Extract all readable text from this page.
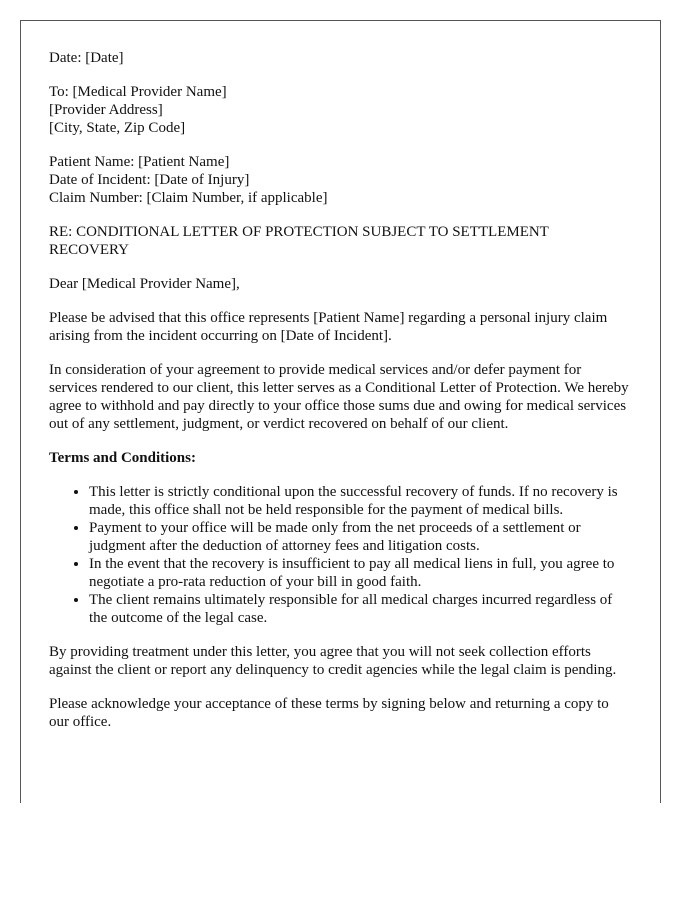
Date: [Date]

To: [Medical Provider Name]
[Provider Address]
[City, State, Zip Code]

Patient Name: [Patient Name]
Date of Incident: [Date of Injury]
Claim Number: [Claim Number, if applicable]

RE: CONDITIONAL LETTER OF PROTECTION SUBJECT TO SETTLEMENT RECOVERY

Dear [Medical Provider Name],

Please be advised that this office represents [Patient Name] regarding a personal injury claim arising from the incident occurring on [Date of Incident].

In consideration of your agreement to provide medical services and/or defer payment for services rendered to our client, this letter serves as a Conditional Letter of Protection. We hereby agree to withhold and pay directly to your office those sums due and owing for medical services out of any settlement, judgment, or verdict recovered on behalf of our client.

Terms and Conditions:

• This letter is strictly conditional upon the successful recovery of funds. If no recovery is made, this office shall not be held responsible for the payment of medical bills.
• Payment to your office will be made only from the net proceeds of a settlement or judgment after the deduction of attorney fees and litigation costs.
• In the event that the recovery is insufficient to pay all medical liens in full, you agree to negotiate a pro-rata reduction of your bill in good faith.
• The client remains ultimately responsible for all medical charges incurred regardless of the outcome of the legal case.

By providing treatment under this letter, you agree that you will not seek collection efforts against the client or report any delinquency to credit agencies while the legal claim is pending.

Please acknowledge your acceptance of these terms by signing below and returning a copy to our office.
